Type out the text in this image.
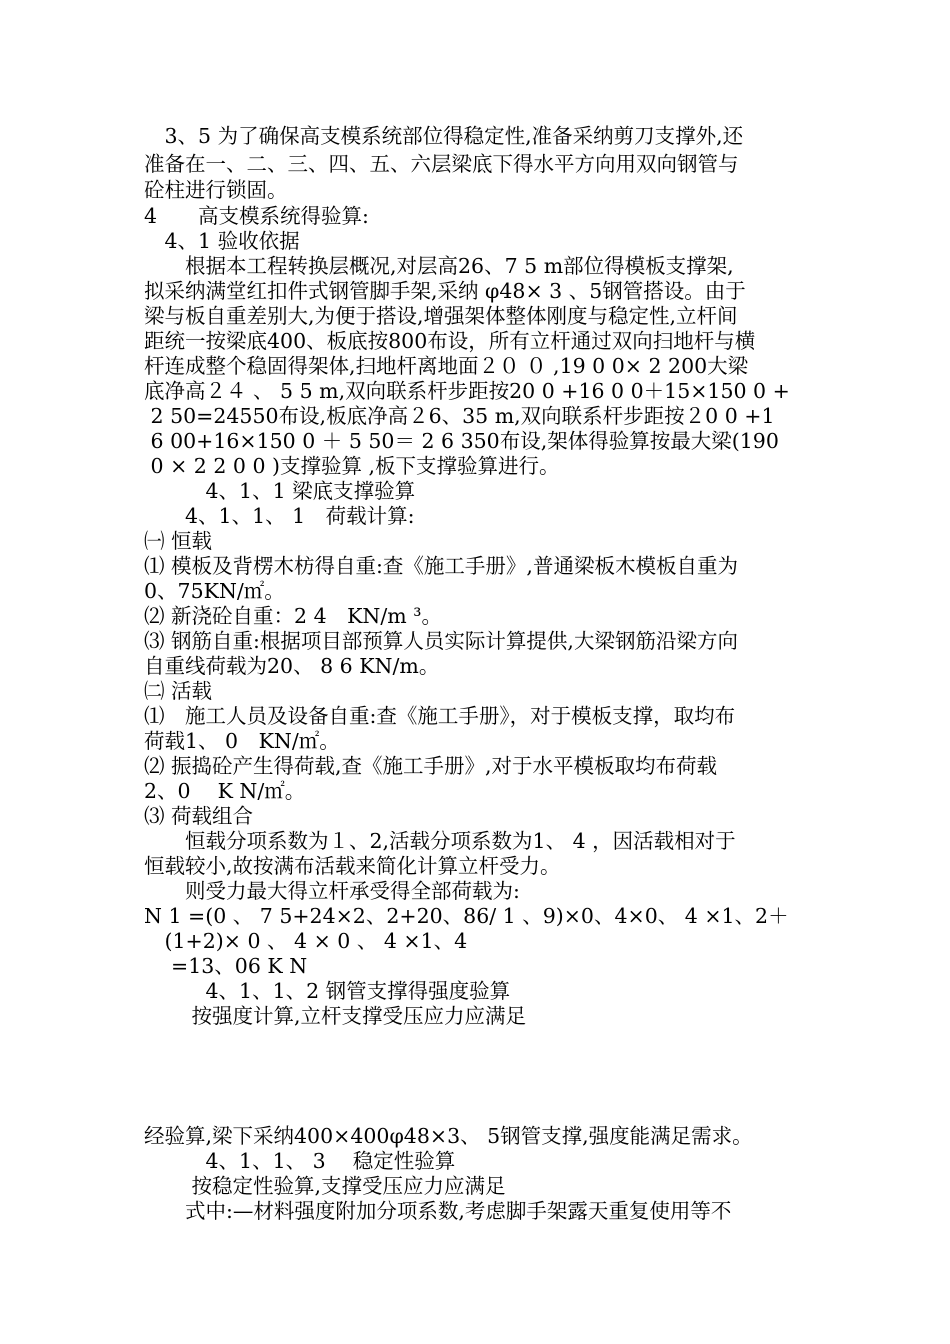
　3、5 为了确保高支模系统部位得稳定性,准备采纳剪刀支撑外,还
准备在一、二、三、四、五、六层梁底下得水平方向用双向钢管与
砼柱进行锁固。
4　　高支模系统得验算:
　4、1 验收依据
　　根据本工程转换层概况,对层高26、7 5 m部位得模板支撑架,
拟采纳满堂红扣件式钢管脚手架,采纳 φ48× 3 、5钢管搭设。由于
梁与板自重差别大,为便于搭设,增强架体整体刚度与稳定性,立杆间
距统一按梁底400、板底按800布设，所有立杆通过双向扫地杆与横
杆连成整个稳固得架体,扫地杆离地面２０ ０ ,19 0 0× 2 200大梁
底净高２４ 、 5 5 m,双向联系杆步距按20 0 +16 0 0＋15×150 0 +
2 50=24550布设,板底净高２6、35 m,双向联系杆步距按２0 0 +1
6 00+16×150 0 ＋ 5 50＝ 2 6 350布设,架体得验算按最大梁(190
0 × 2 2 0 0 )支撑验算 ,板下支撑验算进行。
　　　4、1、1 梁底支撑验算
　　4、1、1、 1　荷载计算:
㈠ 恒载
⑴ 模板及背楞木枋得自重:查《施工手册》,普通梁板木模板自重为
0、75KN/㎡。
⑵ 新浇砼自重：2 4　KN/m ³。
⑶ 钢筋自重:根据项目部预算人员实际计算提供,大梁钢筋沿梁方向
自重线荷载为20、 8 6 KN/m。
㈡ 活载
⑴　施工人员及设备自重:查《施工手册》，对于模板支撑，取均布
荷载1、 0　KN/㎡。
⑵ 振捣砼产生得荷载,查《施工手册》,对于水平模板取均布荷载
2、0　 K N/㎡。
⑶ 荷载组合
　　恒载分项系数为１、2,活载分项系数为1、 4 ，因活载相对于
恒载较小,故按满布活载来简化计算立杆受力。
　　则受力最大得立杆承受得全部荷载为:
N 1 =(0 、 7 5+24×2、2+20、86/ 1 、9)×0、4×0、 4 ×1、2＋
　(1+2)× 0 、 4 × 0 、 4 ×1、4
　 =13、06 K N
　　　4、1、1、2 钢管支撑得强度验算
　　 按强度计算,立杆支撑受压应力应满足
经验算,梁下采纳400×400φ48×3、 5钢管支撑,强度能满足需求。
　　　4、1、1、 3　 稳定性验算
　　 按稳定性验算,支撑受压应力应满足
　　式中:—材料强度附加分项系数,考虑脚手架露天重复使用等不
